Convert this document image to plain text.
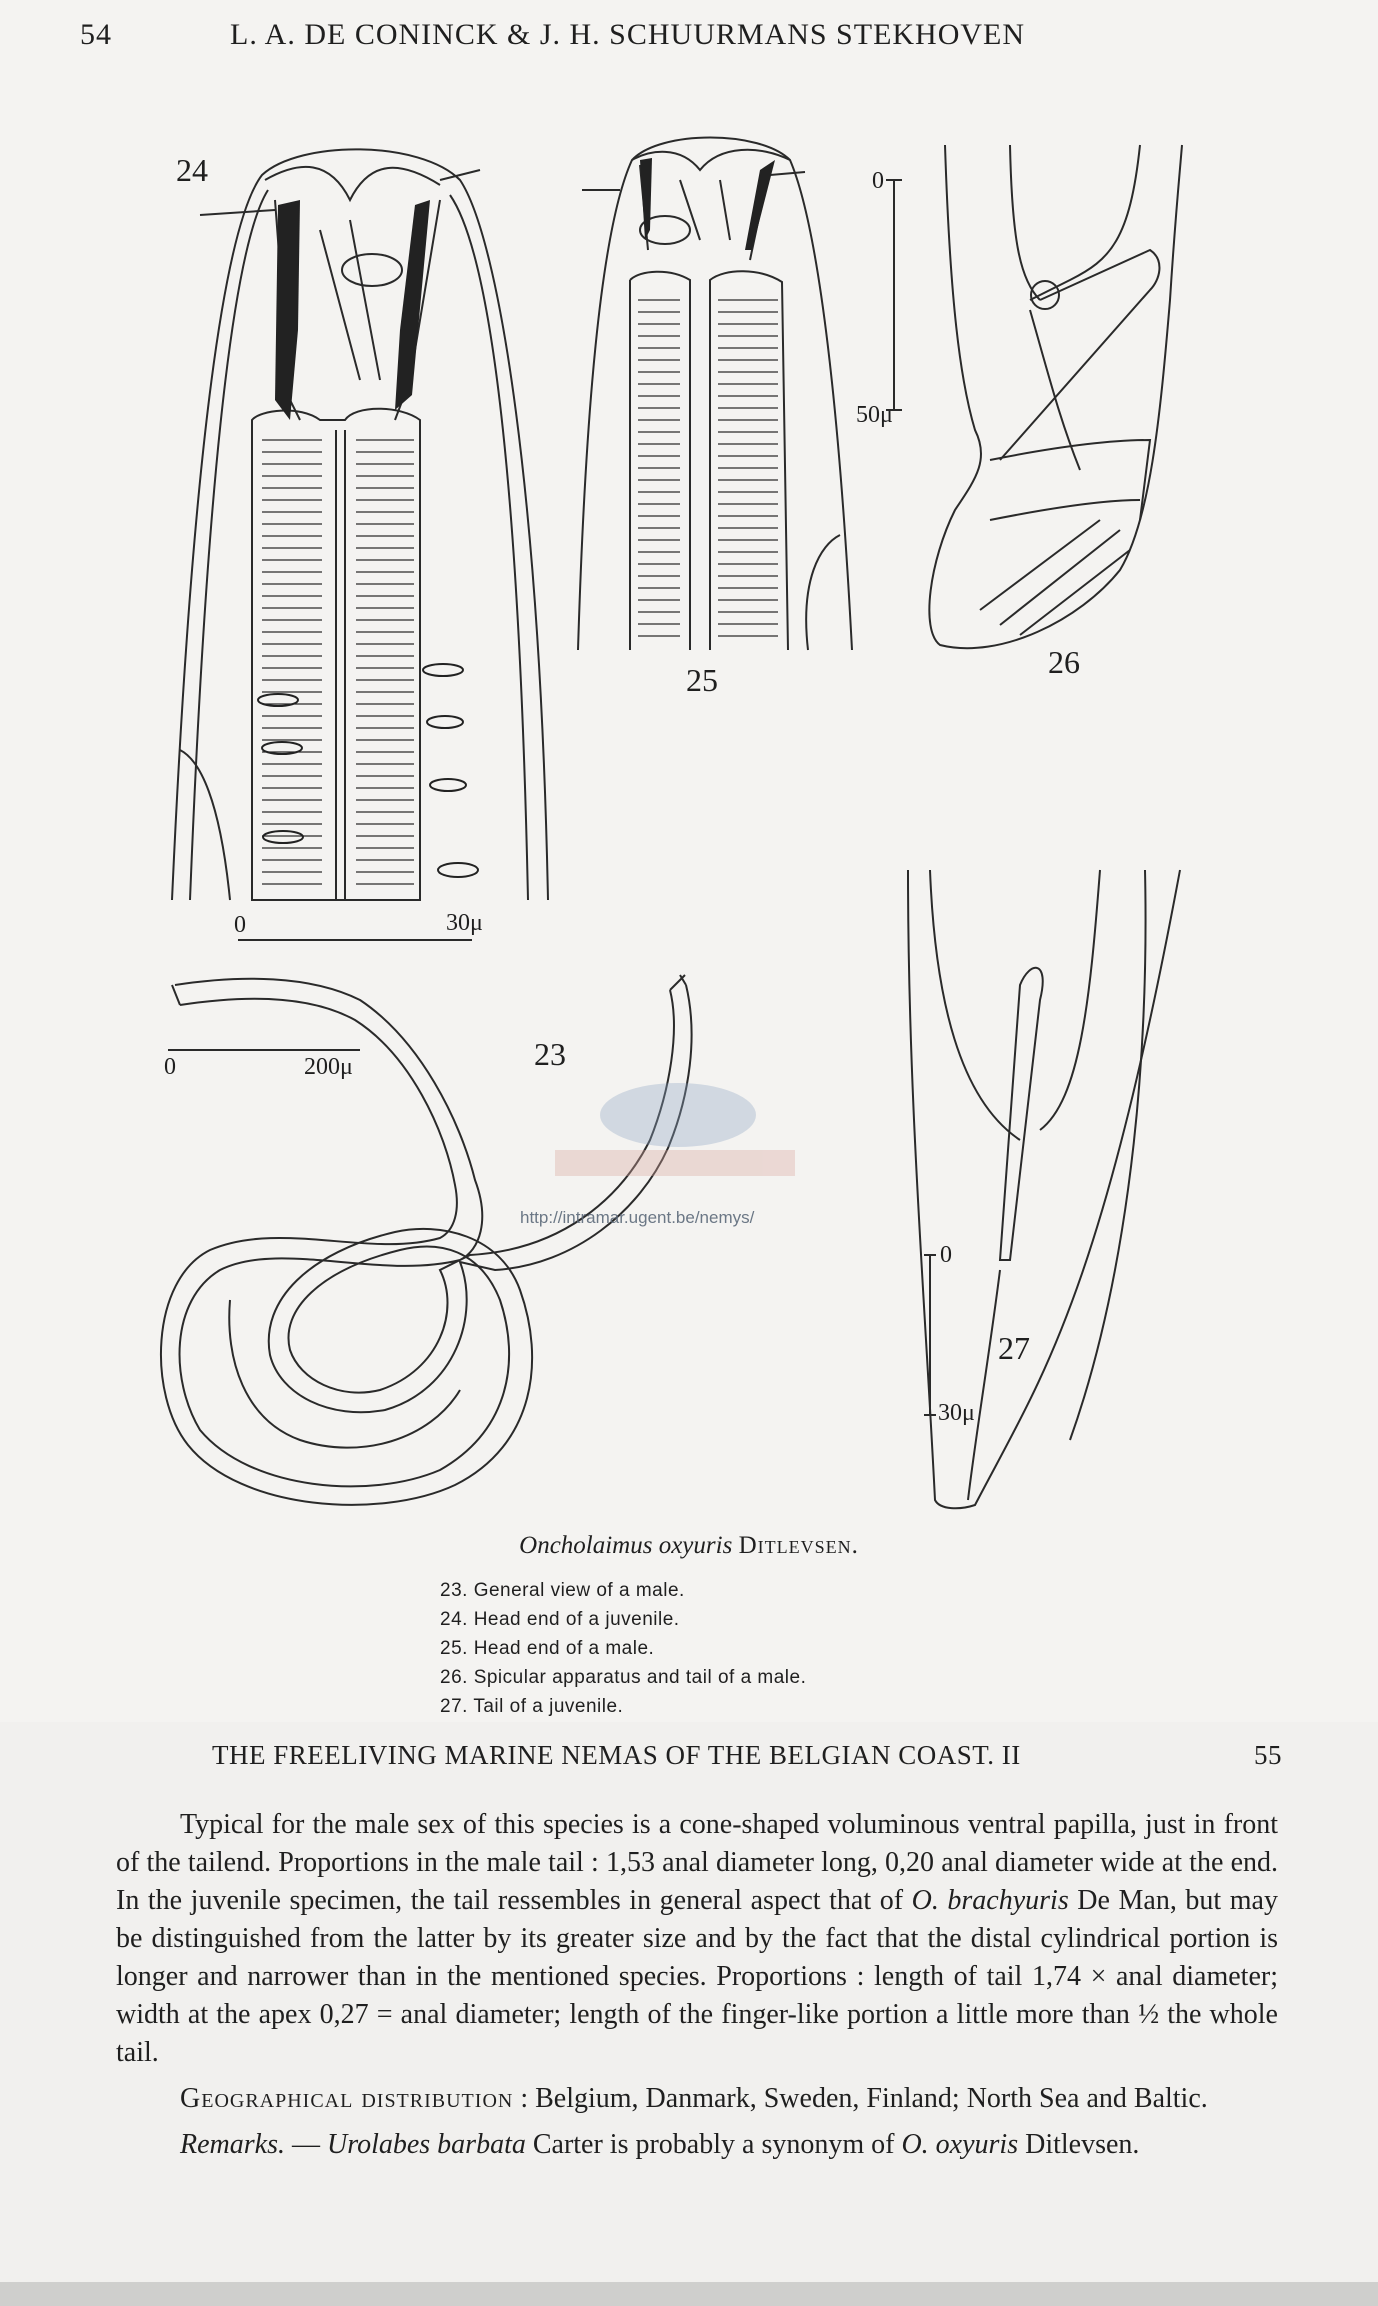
54	L. A. DE CONINCK & J. H. SCHUURMANS STEKHOVEN
24
25	26
23
27
0
50μ
0	30μ
0	200μ
0
30μ
http://intramar.ugent.be/nemys/
Oncholaimus oxyuris Ditlevsen.
23. General view of a male.
24. Head end of a juvenile.
25. Head end of a male.
26. Spicular apparatus and tail of a male.
27. Tail of a juvenile.
THE FREELIVING MARINE NEMAS OF THE BELGIAN COAST. II	55

Typical for the male sex of this species is a cone-shaped voluminous ventral papilla, just in front of the tailend. Proportions in the male tail : 1,53 anal diameter long, 0,20 anal diameter wide at the end. In the juvenile specimen, the tail ressembles in general aspect that of O. brachyuris De Man, but may be distinguished from the latter by its greater size and by the fact that the distal cylindrical portion is longer and narrower than in the mentioned species. Proportions : length of tail 1,74 × anal diameter; width at the apex 0,27 = anal diameter; length of the finger-like portion a little more than ½ the whole tail.

Geographical distribution : Belgium, Danmark, Sweden, Finland; North Sea and Baltic.

Remarks. — Urolabes barbata Carter is probably a synonym of O. oxyuris Ditlevsen.
